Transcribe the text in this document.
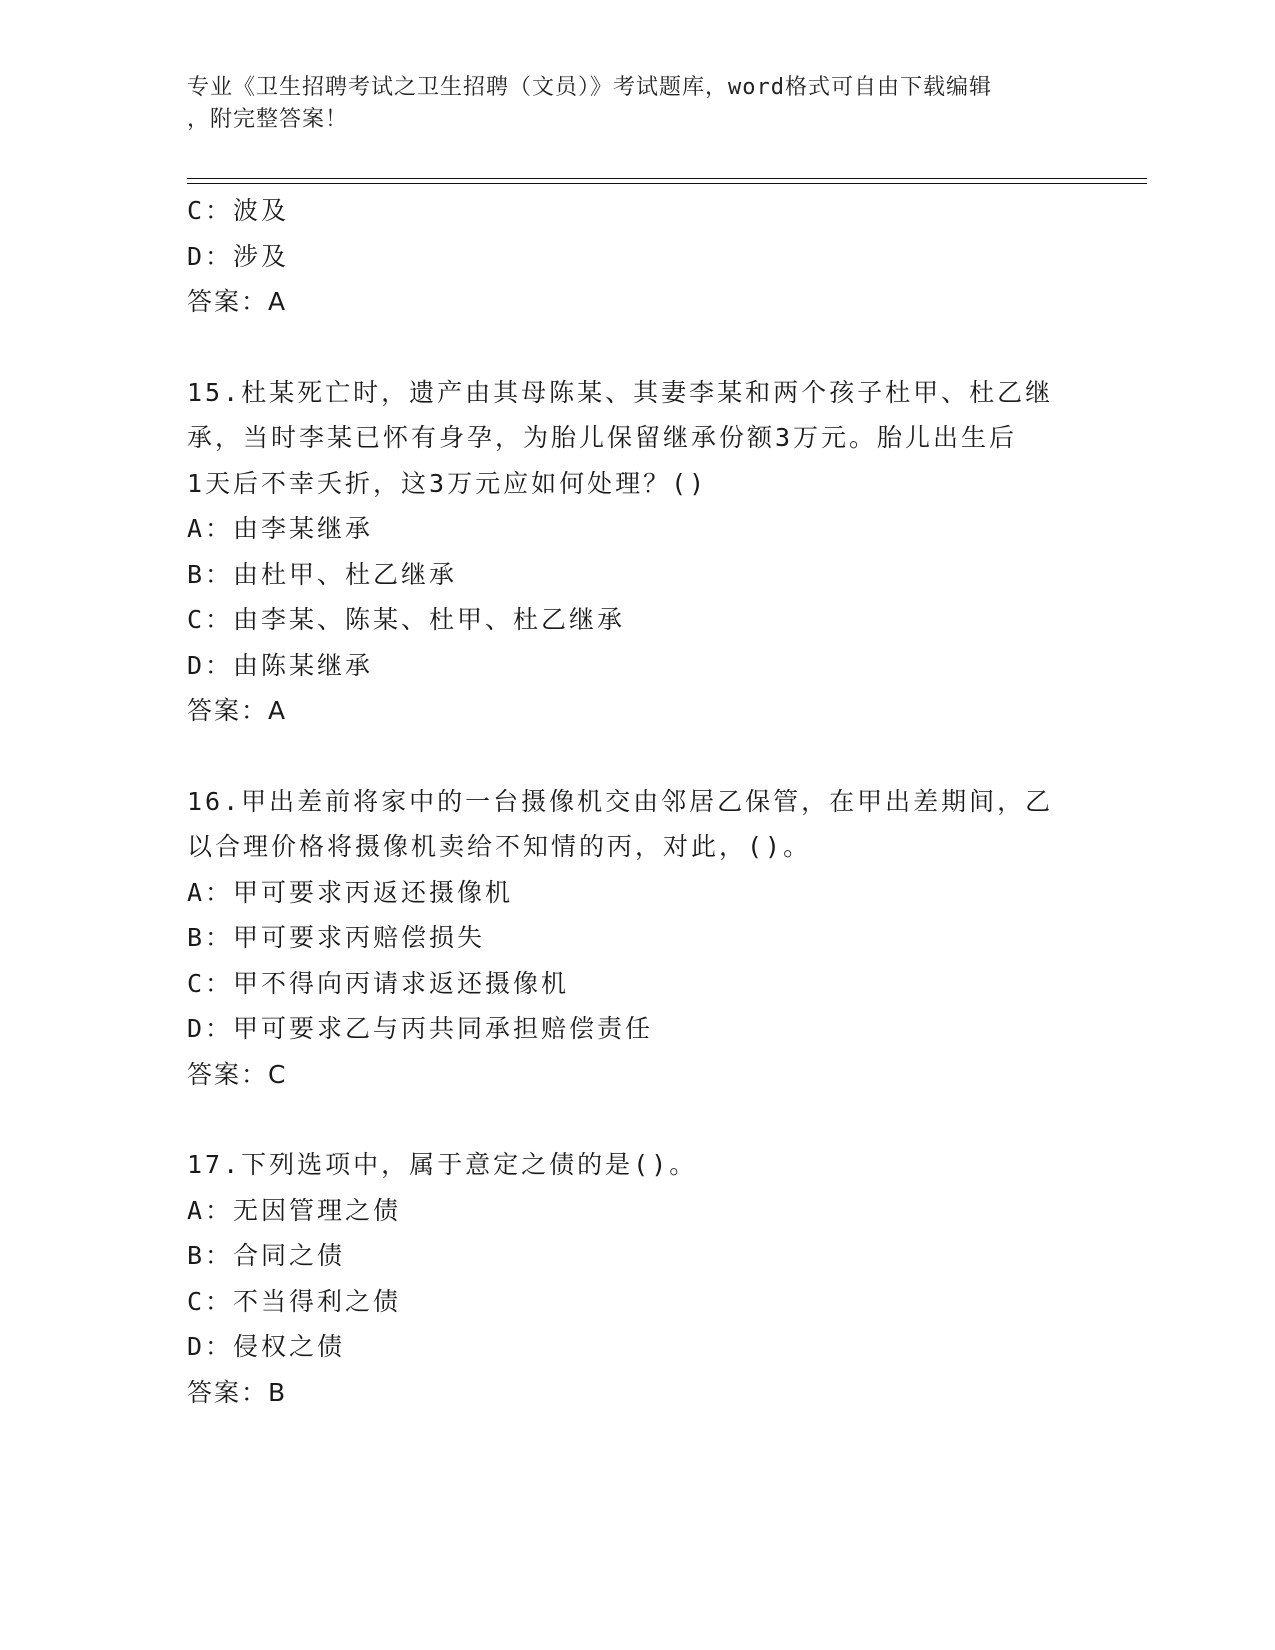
专业《卫生招聘考试之卫生招聘（文员）》考试题库，word格式可自由下载编辑
，附完整答案！
C：波及
D：涉及
答案：A
15.杜某死亡时，遗产由其母陈某、其妻李某和两个孩子杜甲、杜乙继
承，当时李某已怀有身孕，为胎儿保留继承份额3万元。胎儿出生后
1天后不幸夭折，这3万元应如何处理？()
A：由李某继承
B：由杜甲、杜乙继承
C：由李某、陈某、杜甲、杜乙继承
D：由陈某继承
答案：A
16.甲出差前将家中的一台摄像机交由邻居乙保管，在甲出差期间，乙
以合理价格将摄像机卖给不知情的丙，对此，()。
A：甲可要求丙返还摄像机
B：甲可要求丙赔偿损失
C：甲不得向丙请求返还摄像机
D：甲可要求乙与丙共同承担赔偿责任
答案：C
17.下列选项中，属于意定之债的是()。
A：无因管理之债
B：合同之债
C：不当得利之债
D：侵权之债
答案：B
